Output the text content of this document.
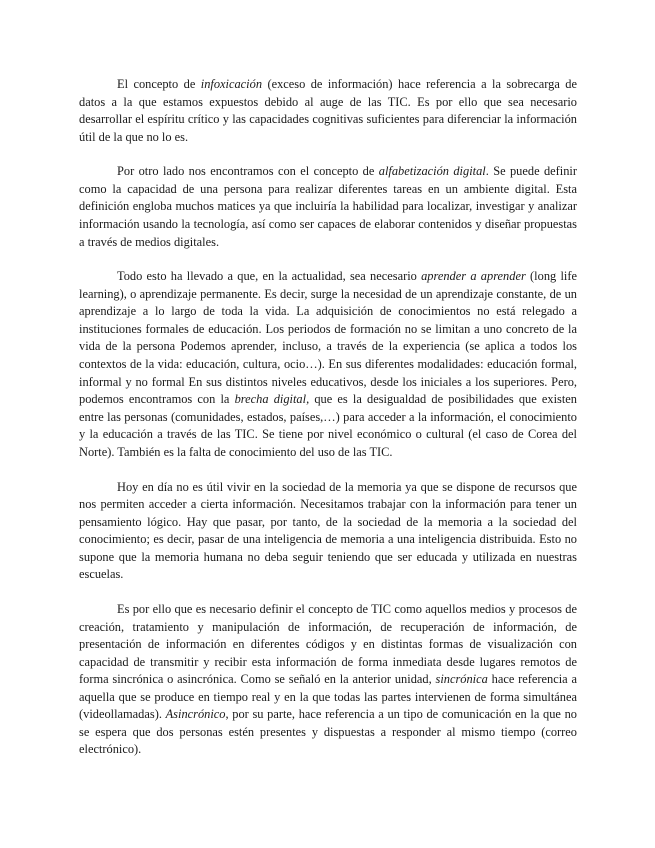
El concepto de infoxicación (exceso de información) hace referencia a la sobrecarga de datos a la que estamos expuestos debido al auge de las TIC. Es por ello que sea necesario desarrollar el espíritu crítico y las capacidades cognitivas suficientes para diferenciar la información útil de la que no lo es.

Por otro lado nos encontramos con el concepto de alfabetización digital. Se puede definir como la capacidad de una persona para realizar diferentes tareas en un ambiente digital. Esta definición engloba muchos matices ya que incluiría la habilidad para localizar, investigar y analizar información usando la tecnología, así como ser capaces de elaborar contenidos y diseñar propuestas a través de medios digitales.

Todo esto ha llevado a que, en la actualidad, sea necesario aprender a aprender (long life learning), o aprendizaje permanente. Es decir, surge la necesidad de un aprendizaje constante, de un aprendizaje a lo largo de toda la vida. La adquisición de conocimientos no está relegado a instituciones formales de educación. Los periodos de formación no se limitan a uno concreto de la vida de la persona Podemos aprender, incluso, a través de la experiencia (se aplica a todos los contextos de la vida: educación, cultura, ocio…). En sus diferentes modalidades: educación formal, informal y no formal En sus distintos niveles educativos, desde los iniciales a los superiores. Pero, podemos encontramos con la brecha digital, que es la desigualdad de posibilidades que existen entre las personas (comunidades, estados, países,…) para acceder a la información, el conocimiento y la educación a través de las TIC. Se tiene por nivel económico o cultural (el caso de Corea del Norte). También es la falta de conocimiento del uso de las TIC.

Hoy en día no es útil vivir en la sociedad de la memoria ya que se dispone de recursos que nos permiten acceder a cierta información. Necesitamos trabajar con la información para tener un pensamiento lógico. Hay que pasar, por tanto, de la sociedad de la memoria a la sociedad del conocimiento; es decir, pasar de una inteligencia de memoria a una inteligencia distribuida. Esto no supone que la memoria humana no deba seguir teniendo que ser educada y utilizada en nuestras escuelas.

Es por ello que es necesario definir el concepto de TIC como aquellos medios y procesos de creación, tratamiento y manipulación de información, de recuperación de información, de presentación de información en diferentes códigos y en distintas formas de visualización con capacidad de transmitir y recibir esta información de forma inmediata desde lugares remotos de forma sincrónica o asincrónica. Como se señaló en la anterior unidad, sincrónica hace referencia a aquella que se produce en tiempo real y en la que todas las partes intervienen de forma simultánea (videollamadas). Asincrónico, por su parte, hace referencia a un tipo de comunicación en la que no se espera que dos personas estén presentes y dispuestas a responder al mismo tiempo (correo electrónico).
